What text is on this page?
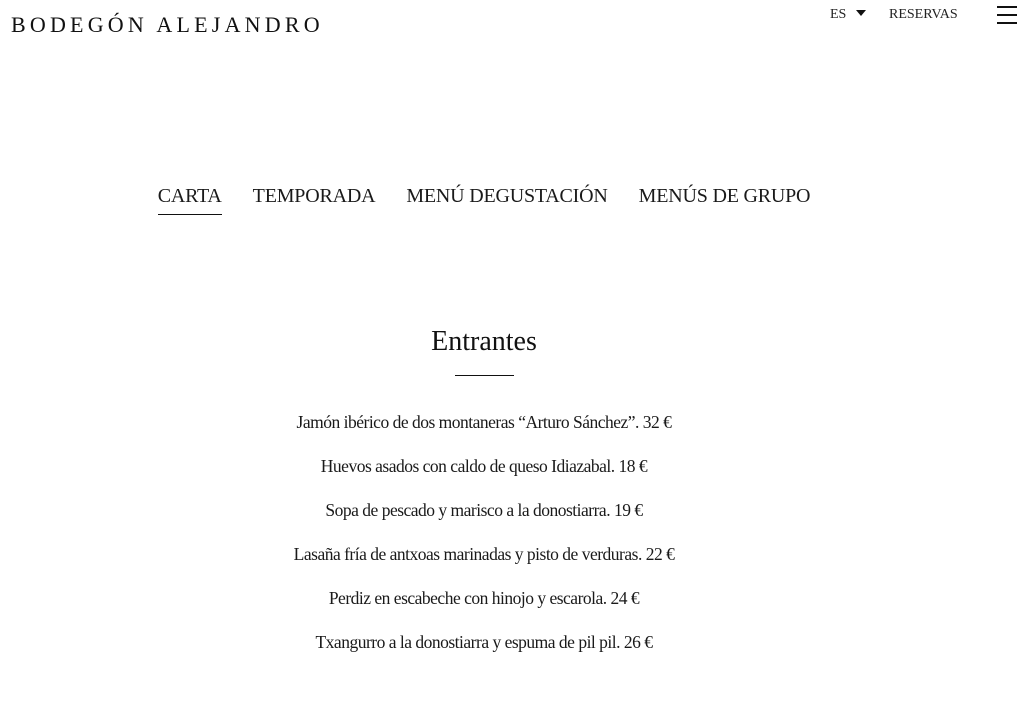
BODEGÓN ALEJANDRO	ES	RESERVAS
CARTA TEMPORADA MENÚ DEGUSTACIÓN MENÚS DE GRUPO
Entrantes
Jamón ibérico de dos montaneras “Arturo Sánchez”. 32 €
Huevos asados con caldo de queso Idiazabal. 18 €
Sopa de pescado y marisco a la donostiarra. 19 €
Lasaña fría de antxoas marinadas y pisto de verduras. 22 €
Perdiz en escabeche con hinojo y escarola. 24 €
Txangurro a la donostiarra y espuma de pil pil. 26 €
